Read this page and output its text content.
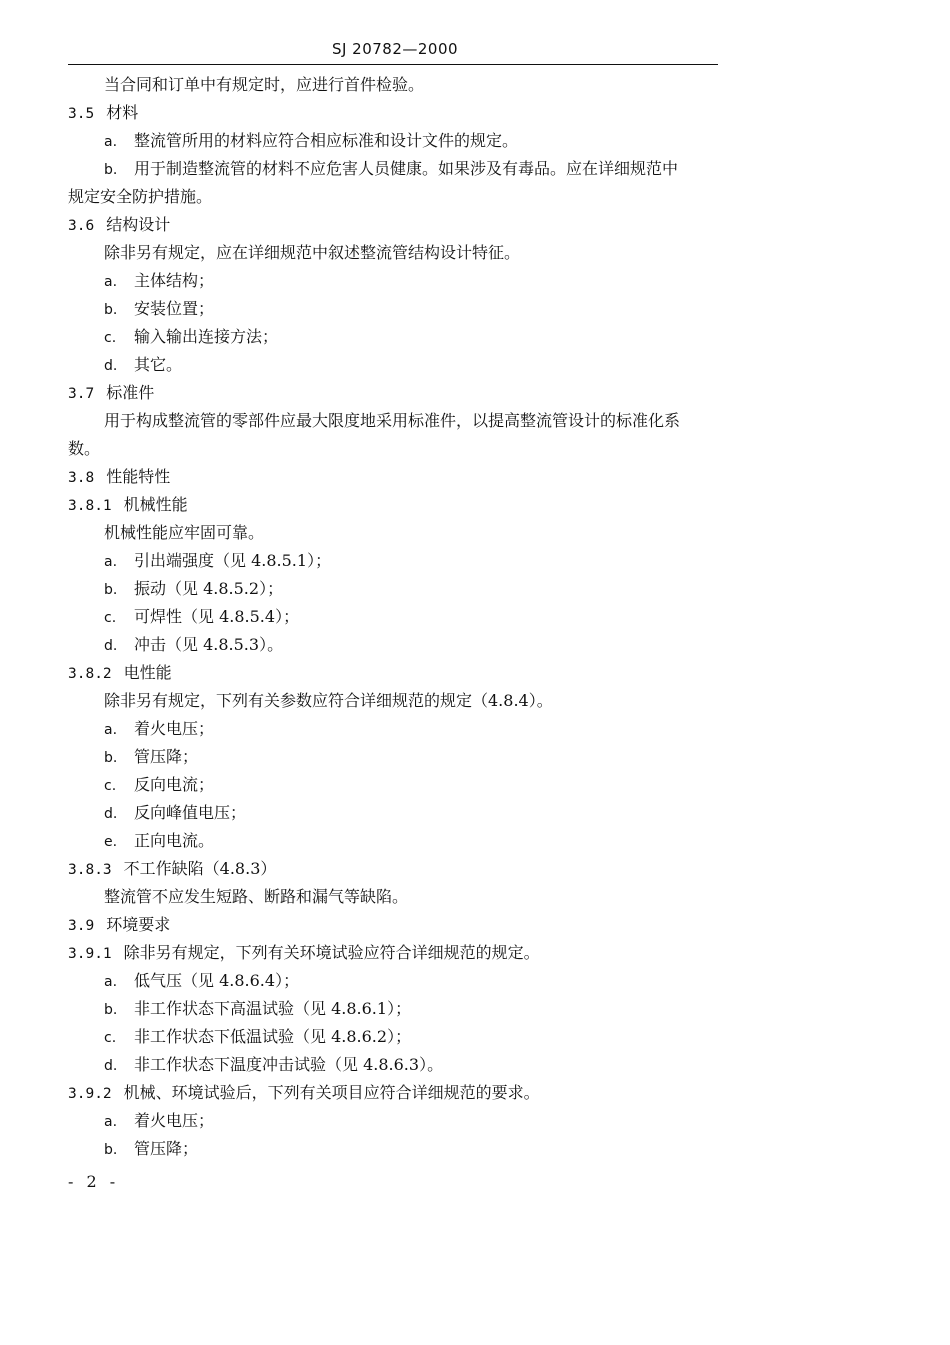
SJ 20782—2000
当合同和订单中有规定时，应进行首件检验。
3.5 材料
a. 整流管所用的材料应符合相应标准和设计文件的规定。
b. 用于制造整流管的材料不应危害人员健康。如果涉及有毒品。应在详细规范中
规定安全防护措施。
3.6 结构设计
除非另有规定，应在详细规范中叙述整流管结构设计特征。
a. 主体结构；
b. 安装位置；
c. 输入输出连接方法；
d. 其它。
3.7 标准件
用于构成整流管的零部件应最大限度地采用标准件，以提高整流管设计的标准化系
数。
3.8 性能特性
3.8.1 机械性能
机械性能应牢固可靠。
a. 引出端强度（见 4.8.5.1）；
b. 振动（见 4.8.5.2）；
c. 可焊性（见 4.8.5.4）；
d. 冲击（见 4.8.5.3）。
3.8.2 电性能
除非另有规定，下列有关参数应符合详细规范的规定（4.8.4）。
a. 着火电压；
b. 管压降；
c. 反向电流；
d. 反向峰值电压；
e. 正向电流。
3.8.3 不工作缺陷（4.8.3）
整流管不应发生短路、断路和漏气等缺陷。
3.9 环境要求
3.9.1 除非另有规定，下列有关环境试验应符合详细规范的规定。
a. 低气压（见 4.8.6.4）；
b. 非工作状态下高温试验（见 4.8.6.1）；
c. 非工作状态下低温试验（见 4.8.6.2）；
d. 非工作状态下温度冲击试验（见 4.8.6.3）。
3.9.2 机械、环境试验后，下列有关项目应符合详细规范的要求。
a. 着火电压；
b. 管压降；
- 2 -
